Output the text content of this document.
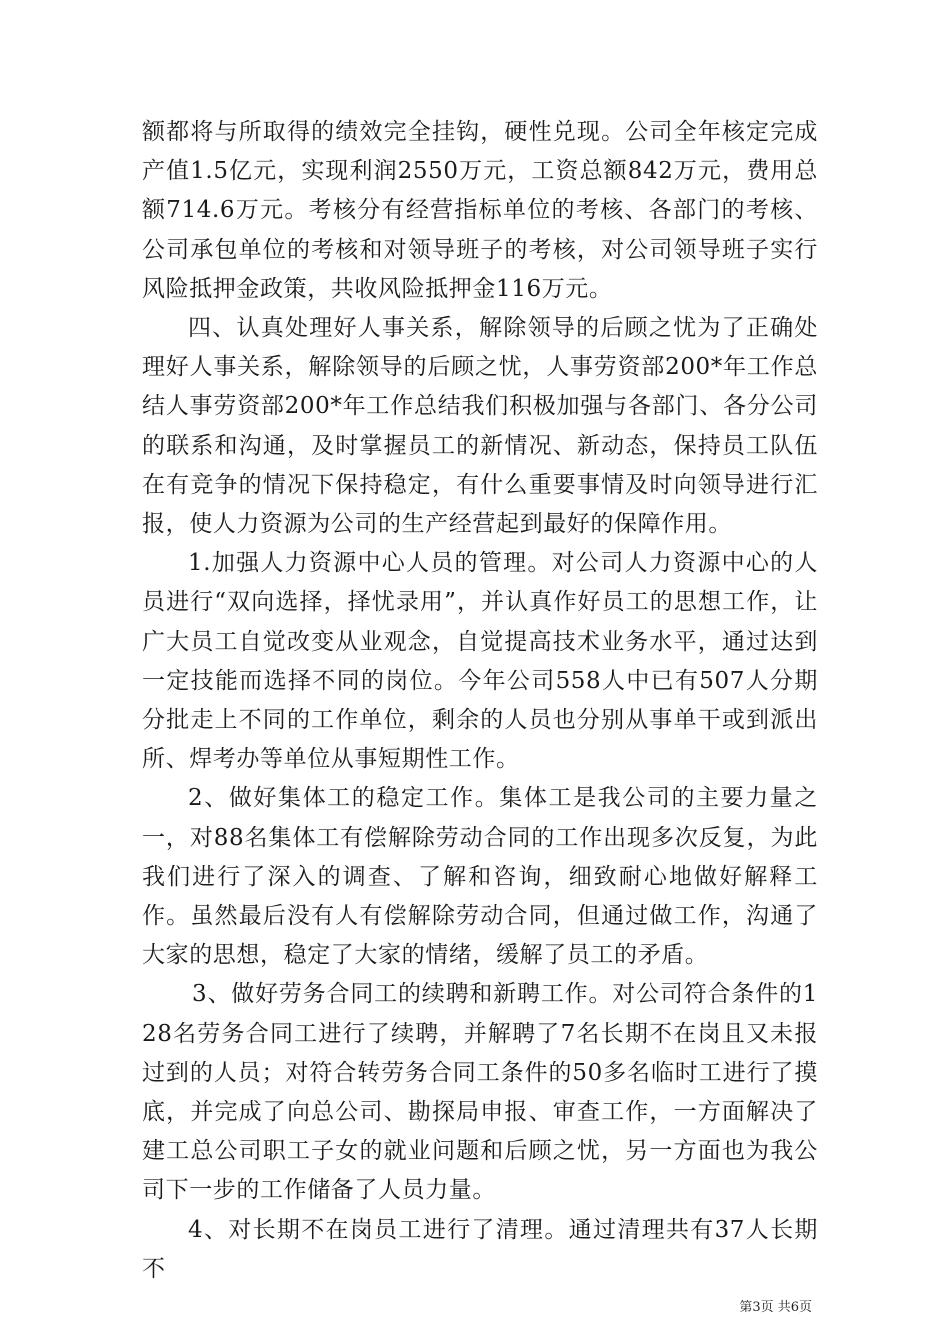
额都将与所取得的绩效完全挂钩，硬性兑现。公司全年核定完成产值1.5亿元，实现利润2550万元，工资总额842万元，费用总额714.6万元。考核分有经营指标单位的考核、各部门的考核、公司承包单位的考核和对领导班子的考核，对公司领导班子实行风险抵押金政策，共收风险抵押金116万元。

四、认真处理好人事关系，解除领导的后顾之忧为了正确处理好人事关系，解除领导的后顾之忧，人事劳资部200*年工作总结人事劳资部200*年工作总结我们积极加强与各部门、各分公司的联系和沟通，及时掌握员工的新情况、新动态，保持员工队伍在有竞争的情况下保持稳定，有什么重要事情及时向领导进行汇报，使人力资源为公司的生产经营起到最好的保障作用。

1.加强人力资源中心人员的管理。对公司人力资源中心的人员进行“双向选择，择忧录用”，并认真作好员工的思想工作，让广大员工自觉改变从业观念，自觉提高技术业务水平，通过达到一定技能而选择不同的岗位。今年公司558人中已有507人分期分批走上不同的工作单位，剩余的人员也分别从事单干或到派出所、焊考办等单位从事短期性工作。

2、做好集体工的稳定工作。集体工是我公司的主要力量之一，对88名集体工有偿解除劳动合同的工作出现多次反复，为此我们进行了深入的调查、了解和咨询，细致耐心地做好解释工作。虽然最后没有人有偿解除劳动合同，但通过做工作，沟通了大家的思想，稳定了大家的情绪，缓解了员工的矛盾。

3、做好劳务合同工的续聘和新聘工作。对公司符合条件的128名劳务合同工进行了续聘，并解聘了7名长期不在岗且又未报过到的人员；对符合转劳务合同工条件的50多名临时工进行了摸底，并完成了向总公司、勘探局申报、审查工作，一方面解决了建工总公司职工子女的就业问题和后顾之忧，另一方面也为我公司下一步的工作储备了人员力量。

4、对长期不在岗员工进行了清理。通过清理共有37人长期不

第3页 共6页
